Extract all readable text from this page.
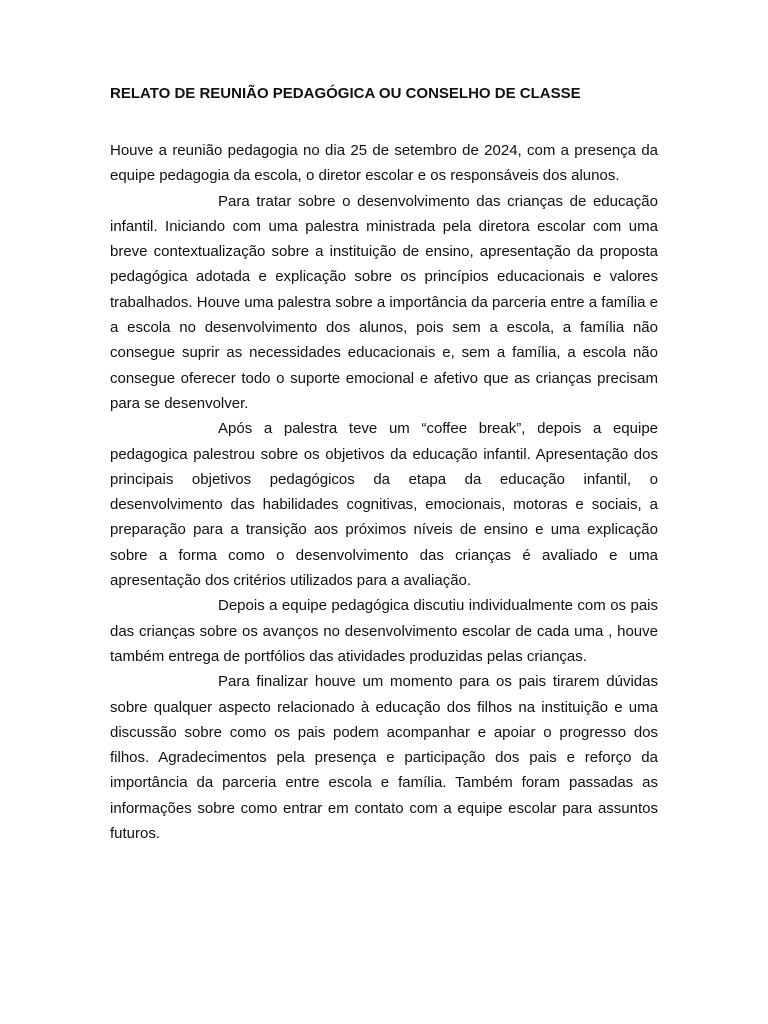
RELATO DE REUNIÃO PEDAGÓGICA OU CONSELHO DE CLASSE

Houve a reunião pedagogia no dia 25 de setembro de 2024, com a presença da equipe pedagogia da escola, o diretor escolar e os responsáveis dos alunos.

Para tratar sobre o desenvolvimento das crianças de educação infantil. Iniciando com uma palestra ministrada pela diretora escolar com uma breve contextualização sobre a instituição de ensino, apresentação da proposta pedagógica adotada e explicação sobre os princípios educacionais e valores trabalhados. Houve uma palestra sobre a importância da parceria entre a família e a escola no desenvolvimento dos alunos, pois sem a escola, a família não consegue suprir as necessidades educacionais e, sem a família, a escola não consegue oferecer todo o suporte emocional e afetivo que as crianças precisam para se desenvolver.

Após a palestra teve um “coffee break”, depois a equipe pedagogica palestrou sobre os objetivos da educação infantil. Apresentação dos principais objetivos pedagógicos da etapa da educação infantil, o desenvolvimento das habilidades cognitivas, emocionais, motoras e sociais, a preparação para a transição aos próximos níveis de ensino e uma explicação sobre a forma como o desenvolvimento das crianças é avaliado e uma apresentação dos critérios utilizados para a avaliação.

Depois a equipe pedagógica discutiu individualmente com os pais das crianças sobre os avanços no desenvolvimento escolar de cada uma , houve também entrega de portfólios das atividades produzidas pelas crianças.

Para finalizar houve um momento para os pais tirarem dúvidas sobre qualquer aspecto relacionado à educação dos filhos na instituição e uma discussão sobre como os pais podem acompanhar e apoiar o progresso dos filhos. Agradecimentos pela presença e participação dos pais e reforço da importância da parceria entre escola e família. Também foram passadas as informações sobre como entrar em contato com a equipe escolar para assuntos futuros.
